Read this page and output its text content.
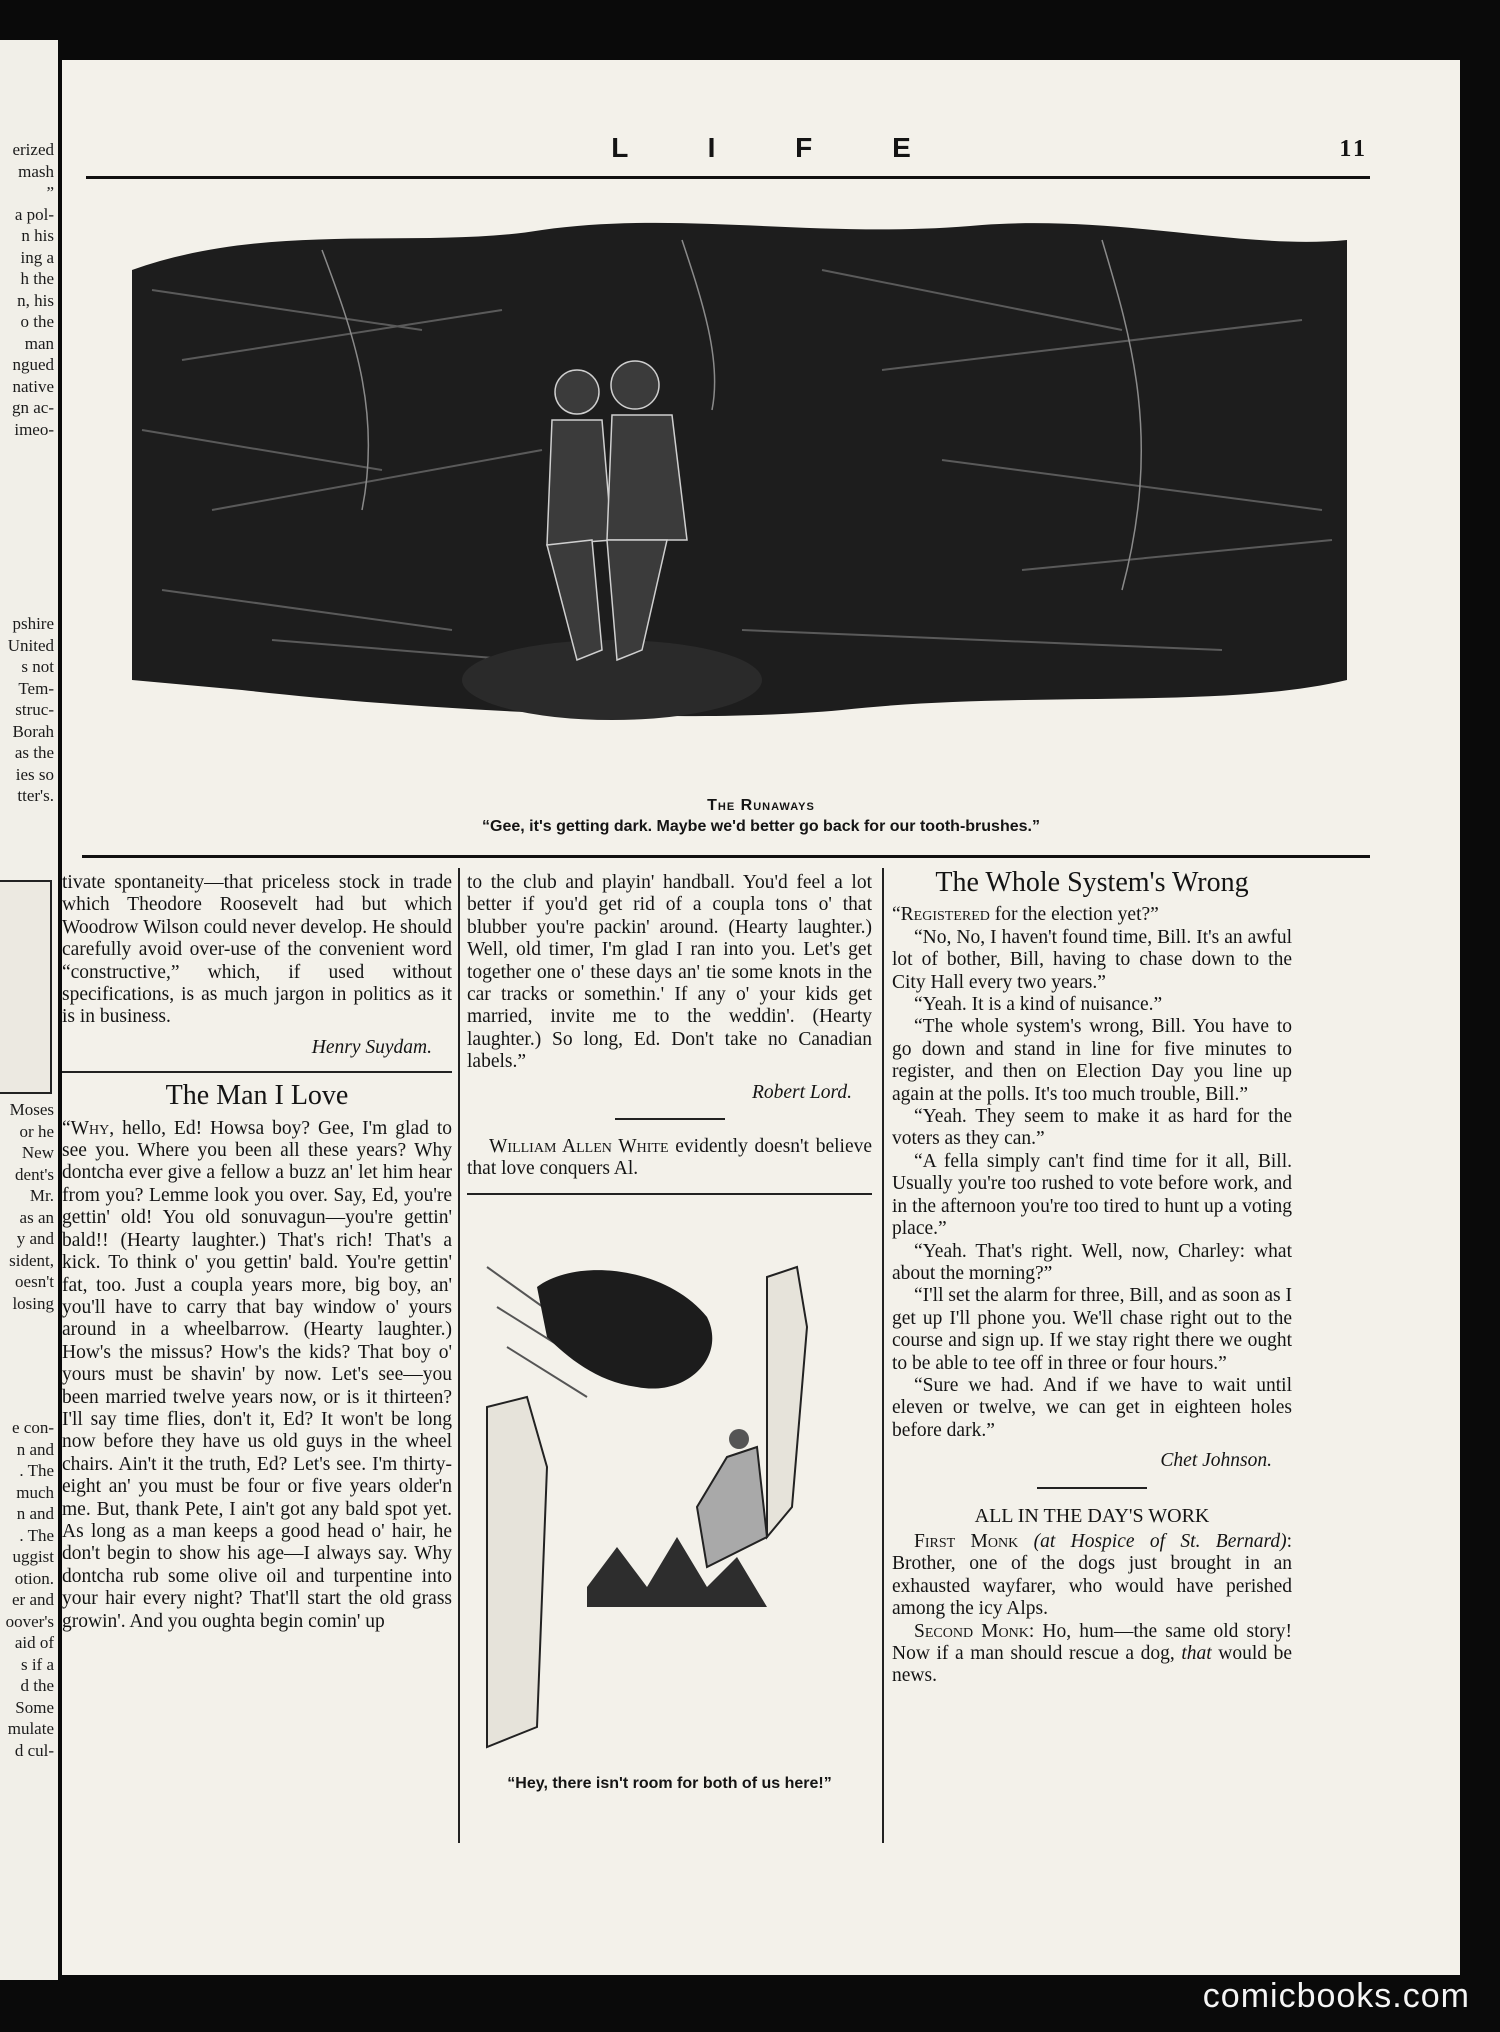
erized
mash
”
a pol-
n his
ing a
h the
n, his
o the
man
ngued
native
gn ac-
imeo-
pshire
United
s not
Tem-
struc-
Borah
as the
ies so
tter's.
Moses
or he
New
dent's
Mr.
as an
y and
sident,
oesn't
losing
e con-
n and
. The
much
n and
. The
uggist
otion.
er and
oover's
aid of
s if a
d the
Some
mulate
d cul-
L I F E	11
The Runaways
“Gee, it's getting dark. Maybe we'd better go back for our tooth-brushes.”

tivate spontaneity—that priceless stock in trade which Theodore Roosevelt had but which Woodrow Wilson could never develop. He should carefully avoid over-use of the convenient word “constructive,” which, if used without specifications, is as much jargon in politics as it is in business.

Henry Suydam.

The Man I Love

“Why, hello, Ed! Howsa boy? Gee, I'm glad to see you. Where you been all these years? Why dontcha ever give a fellow a buzz an' let him hear from you? Lemme look you over. Say, Ed, you're gettin' old! You old sonuvagun—you're gettin' bald!! (Hearty laughter.) That's rich! That's a kick. To think o' you gettin' bald. You're gettin' fat, too. Just a coupla years more, big boy, an' you'll have to carry that bay window o' yours around in a wheelbarrow. (Hearty laughter.) How's the missus? How's the kids? That boy o' yours must be shavin' by now. Let's see—you been married twelve years now, or is it thirteen? I'll say time flies, don't it, Ed? It won't be long now before they have us old guys in the wheel chairs. Ain't it the truth, Ed? Let's see. I'm thirty-eight an' you must be four or five years older'n me. But, thank Pete, I ain't got any bald spot yet. As long as a man keeps a good head o' hair, he don't begin to show his age—I always say. Why dontcha rub some olive oil and turpentine into your hair every night? That'll start the old grass growin'. And you oughta begin comin' up

to the club and playin' handball. You'd feel a lot better if you'd get rid of a coupla tons o' that blubber you're packin' around. (Hearty laughter.) Well, old timer, I'm glad I ran into you. Let's get together one o' these days an' tie some knots in the car tracks or somethin.' If any o' your kids get married, invite me to the weddin'. (Hearty laughter.) So long, Ed. Don't take no Canadian labels.”

Robert Lord.

William Allen White evidently doesn't believe that love conquers Al.

“Hey, there isn't room for both of us here!”

The Whole System's Wrong

“Registered for the election yet?”

“No, No, I haven't found time, Bill. It's an awful lot of bother, Bill, having to chase down to the City Hall every two years.”

“Yeah. It is a kind of nuisance.”

“The whole system's wrong, Bill. You have to go down and stand in line for five minutes to register, and then on Election Day you line up again at the polls. It's too much trouble, Bill.”

“Yeah. They seem to make it as hard for the voters as they can.”

“A fella simply can't find time for it all, Bill. Usually you're too rushed to vote before work, and in the afternoon you're too tired to hunt up a voting place.”

“Yeah. That's right. Well, now, Charley: what about the morning?”

“I'll set the alarm for three, Bill, and as soon as I get up I'll phone you. We'll chase right out to the course and sign up. If we stay right there we ought to be able to tee off in three or four hours.”

“Sure we had. And if we have to wait until eleven or twelve, we can get in eighteen holes before dark.”

Chet Johnson.

ALL IN THE DAY'S WORK

First Monk (at Hospice of St. Bernard): Brother, one of the dogs just brought in an exhausted wayfarer, who would have perished among the icy Alps.

Second Monk: Ho, hum—the same old story! Now if a man should rescue a dog, that would be news.

comicbooks.com
